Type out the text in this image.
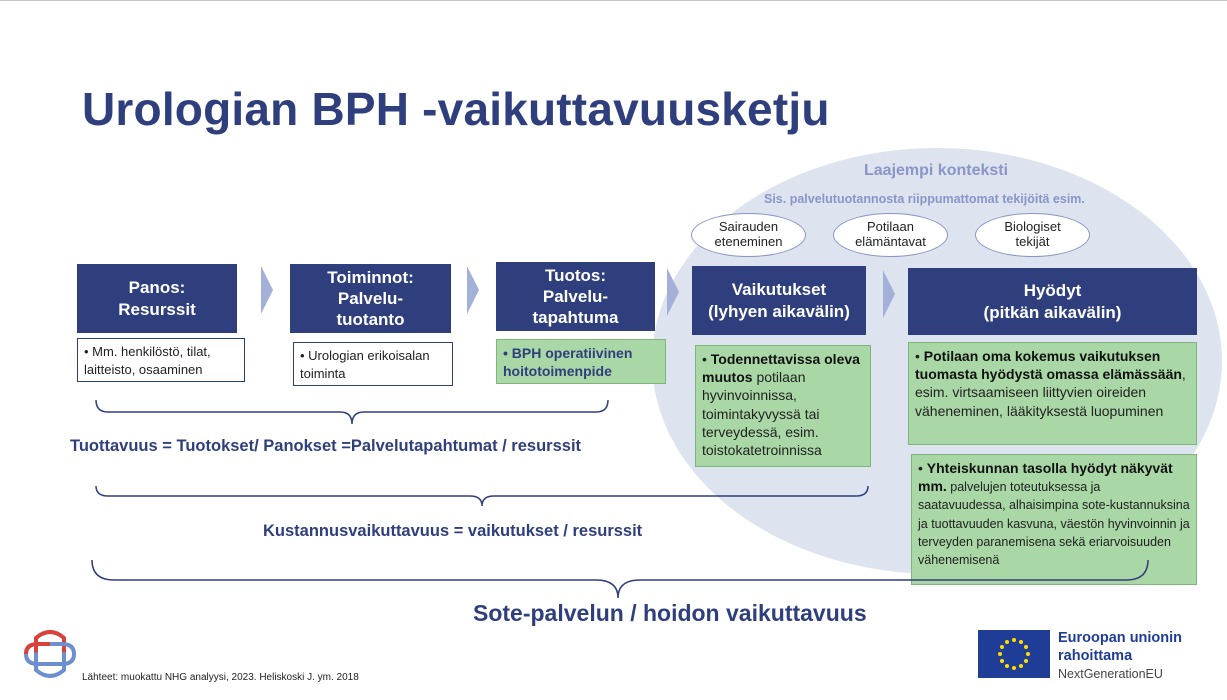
Urologian BPH -vaikuttavuusketju
Laajempi konteksti
Sis. palvelutuotannosta riippumattomat tekijöitä esim.
Sairauden
eteneminen
Potilaan
elämäntavat
Biologiset
tekijät
Panos:
Resurssit
Toiminnot:
Palvelu-
tuotanto
Tuotos:
Palvelu-
tapahtuma
Vaikutukset
(lyhyen aikavälin)
Hyödyt
(pitkän aikavälin)
• Mm. henkilöstö, tilat, laitteisto, osaaminen
• Urologian erikoisalan toiminta
• BPH operatiivinen hoitotoimenpide
• Todennettavissa oleva muutos potilaan hyvinvoinnissa, toimintakyvyssä tai terveydessä, esim. toistokatetroinnissa
• Potilaan oma kokemus vaikutuksen tuomasta hyödystä omassa elämässään, esim. virtsaamiseen liittyvien oireiden väheneminen, lääkityksestä luopuminen
• Yhteiskunnan tasolla hyödyt näkyvät mm. palvelujen toteutuksessa ja saatavuudessa, alhaisimpina sote-kustannuksina ja tuottavuuden kasvuna, väestön hyvinvoinnin ja terveyden paranemisena sekä eriarvoisuuden vähenemisenä
Tuottavuus = Tuotokset/ Panokset =Palvelutapahtumat / resurssit
Kustannusvaikuttavuus = vaikutukset / resurssit
Sote-palvelun / hoidon vaikuttavuus
Lähteet: muokattu NHG analyysi, 2023. Heliskoski J. ym. 2018
Euroopan unionin
rahoittama
NextGenerationEU
